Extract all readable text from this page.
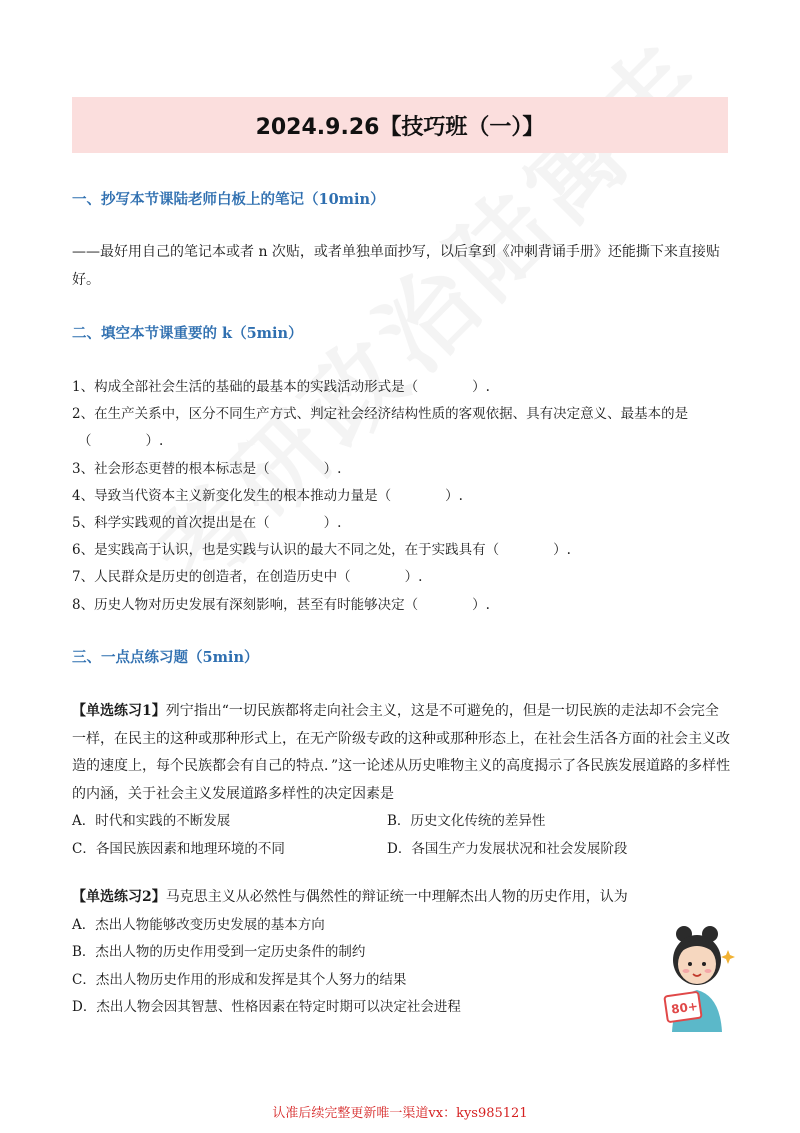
2024.9.26【技巧班（一）】
一、抄写本节课陆老师白板上的笔记（10min）
——最好用自己的笔记本或者 n 次贴，或者单独单面抄写，以后拿到《冲刺背诵手册》还能撕下来直接贴好。
二、填空本节课重要的 k（5min）
1、构成全部社会生活的基础的最基本的实践活动形式是（　　　　）.
2、在生产关系中，区分不同生产方式、判定社会经济结构性质的客观依据、具有决定意义、最基本的是
（　　　　）.
3、社会形态更替的根本标志是（　　　　）.
4、导致当代资本主义新变化发生的根本推动力量是（　　　　）.
5、科学实践观的首次提出是在（　　　　）.
6、是实践高于认识，也是实践与认识的最大不同之处，在于实践具有（　　　　）.
7、人民群众是历史的创造者，在创造历史中（　　　　）.
8、历史人物对历史发展有深刻影响，甚至有时能够决定（　　　　）.
三、一点点练习题（5min）
【单选练习1】列宁指出“一切民族都将走向社会主义，这是不可避免的，但是一切民族的走法却不会完全一样，在民主的这种或那种形式上，在无产阶级专政的这种或那种形态上，在社会生活各方面的社会主义改造的速度上，每个民族都会有自己的特点．”这一论述从历史唯物主义的高度揭示了各民族发展道路的多样性的内涵，关于社会主义发展道路多样性的决定因素是
A．时代和实践的不断发展	B．历史文化传统的差异性
C．各国民族因素和地理环境的不同	D．各国生产力发展状况和社会发展阶段
【单选练习2】马克思主义从必然性与偶然性的辩证统一中理解杰出人物的历史作用，认为
A．杰出人物能够改变历史发展的基本方向
B．杰出人物的历史作用受到一定历史条件的制约
C．杰出人物历史作用的形成和发挥是其个人努力的结果
D．杰出人物会因其智慧、性格因素在特定时期可以决定社会进程	80+
认准后续完整更新唯一渠道vx：kys985121
